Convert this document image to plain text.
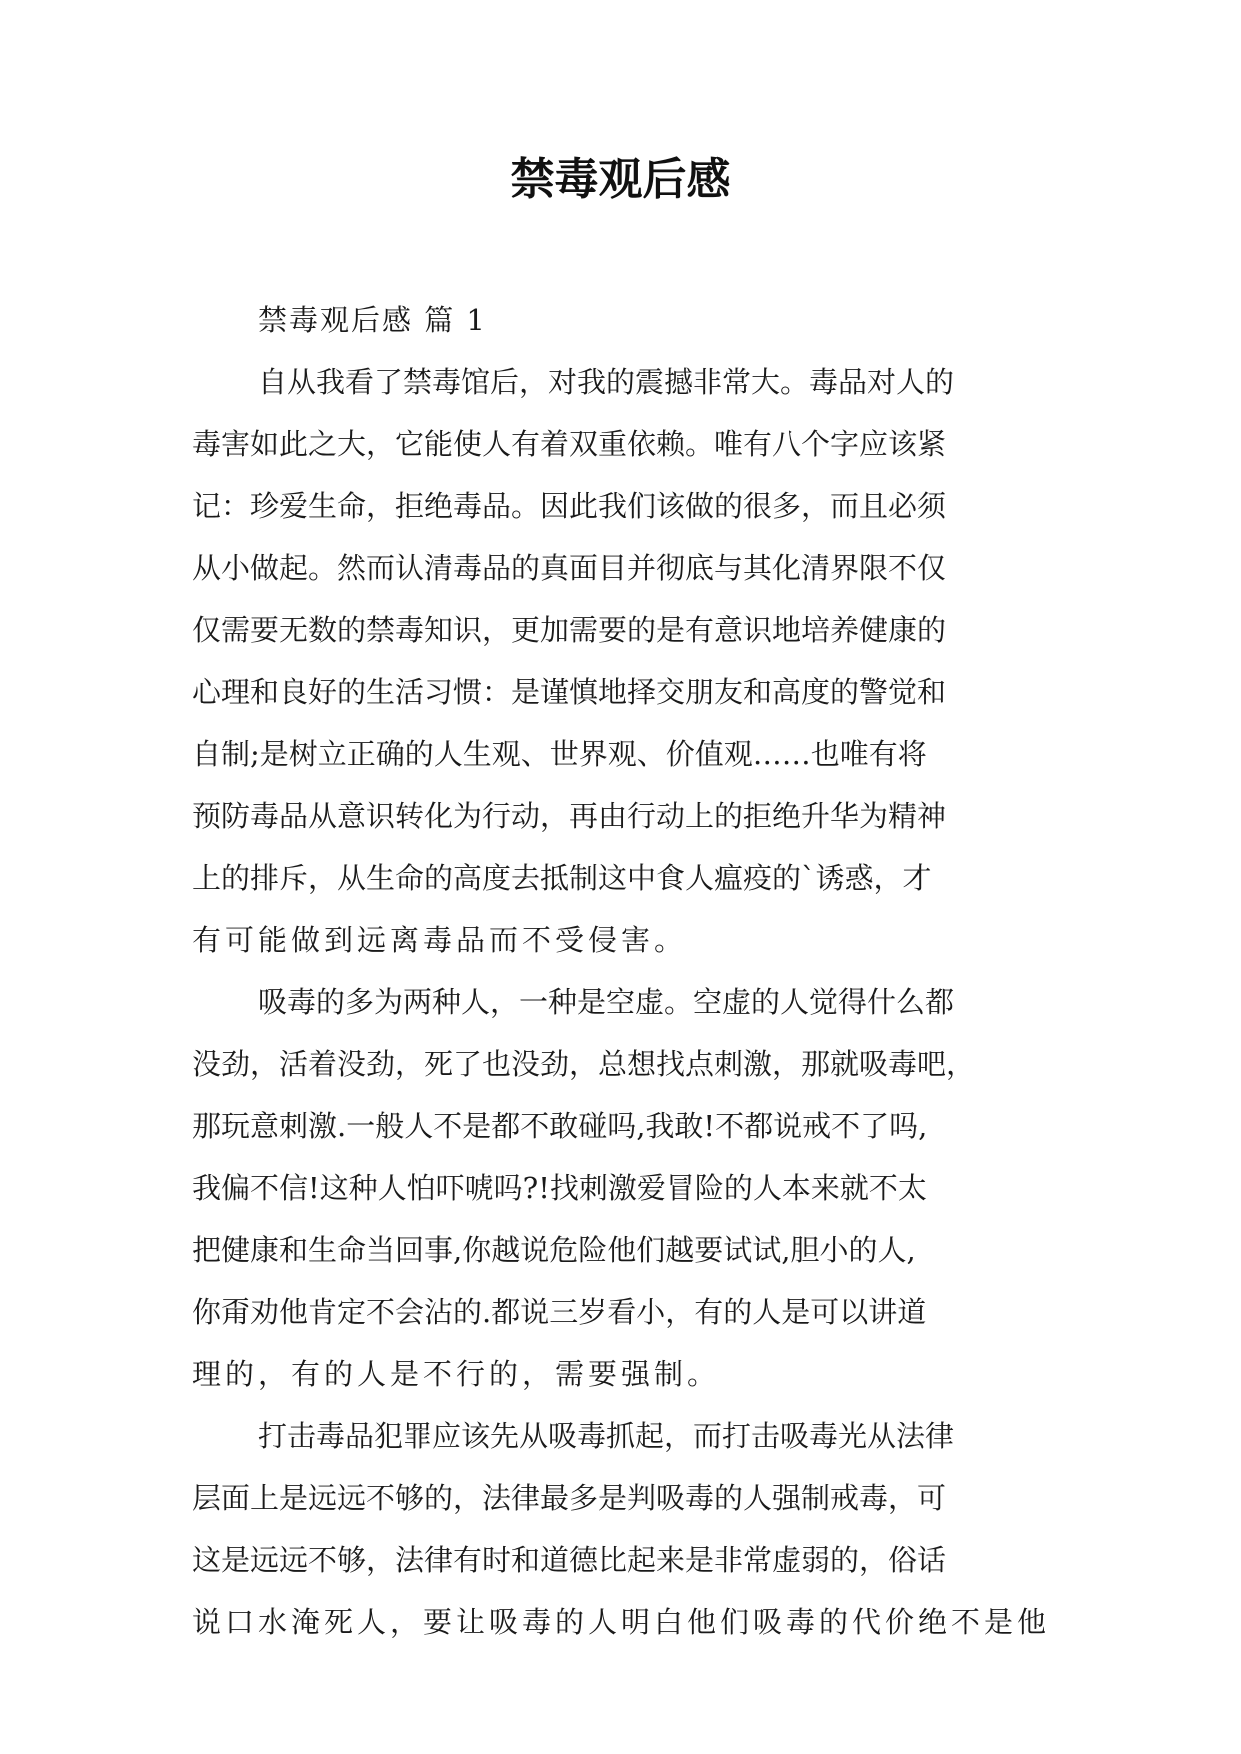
禁毒观后感

禁毒观后感 篇 1

自从我看了禁毒馆后，对我的震撼非常大。毒品对人的
毒害如此之大，它能使人有着双重依赖。唯有八个字应该紧
记：珍爱生命，拒绝毒品。因此我们该做的很多，而且必须
从小做起。然而认清毒品的真面目并彻底与其化清界限不仅
仅需要无数的禁毒知识，更加需要的是有意识地培养健康的
心理和良好的生活习惯：是谨慎地择交朋友和高度的警觉和
自制;是树立正确的人生观、世界观、价值观……也唯有将
预防毒品从意识转化为行动，再由行动上的拒绝升华为精神
上的排斥，从生命的高度去抵制这中食人瘟疫的`诱惑，才
有可能做到远离毒品而不受侵害。

吸毒的多为两种人，一种是空虚。空虚的人觉得什么都
没劲，活着没劲，死了也没劲，总想找点刺激，那就吸毒吧，
那玩意刺激.一般人不是都不敢碰吗,我敢!不都说戒不了吗,
我偏不信!这种人怕吓唬吗?!找刺激爱冒险的人本来就不太
把健康和生命当回事,你越说危险他们越要试试,胆小的人,
你甭劝他肯定不会沾的.都说三岁看小，有的人是可以讲道
理的，有的人是不行的，需要强制。

打击毒品犯罪应该先从吸毒抓起，而打击吸毒光从法律
层面上是远远不够的，法律最多是判吸毒的人强制戒毒，可
这是远远不够，法律有时和道德比起来是非常虚弱的，俗话
说口水淹死人，要让吸毒的人明白他们吸毒的代价绝不是他
